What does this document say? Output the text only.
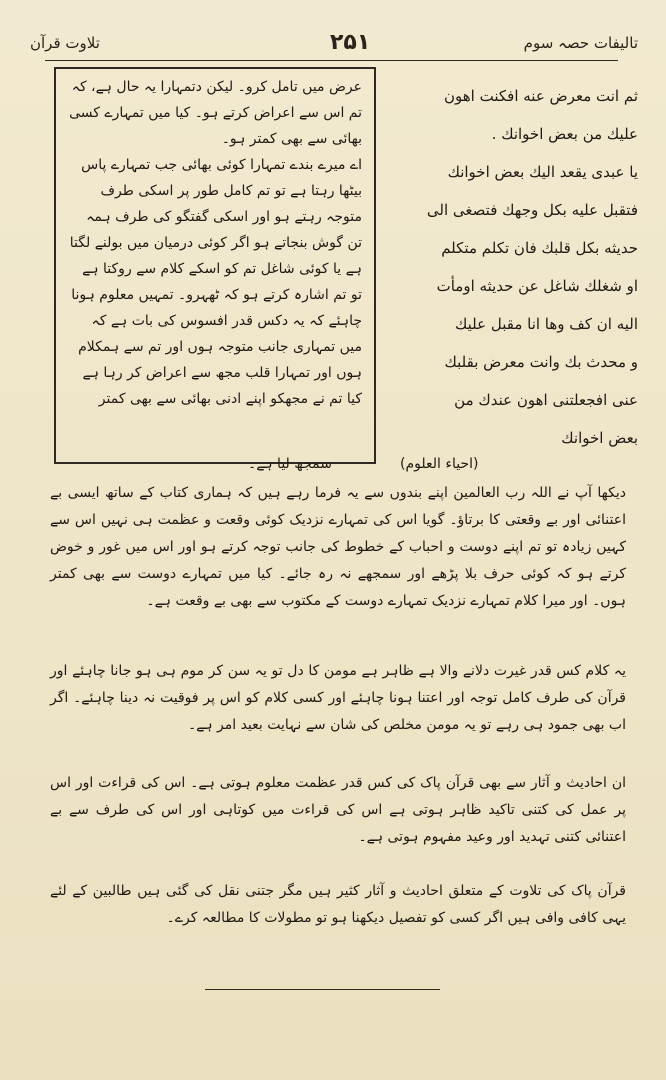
تالیفات حصہ سوم
۲۵۱
تلاوت قرآن
عرض میں تامل کرو۔ لیکن دتمہارا یہ حال ہے، کہ تم اس سے اعراض کرتے ہو۔ کیا میں تمہارے کسی بھائی سے بھی کمتر ہو۔
اے میرے بندے تمہارا کوئی بھائی جب تمہارے پاس بیٹھا رہتا ہے تو تم کامل طور پر اسکی طرف متوجہ رہتے ہو اور اسکی گفتگو کی طرف ہمہ تن گوش بنجاتے ہو اگر کوئی درمیان میں بولنے لگتا ہے یا کوئی شاغل تم کو اسکے کلام سے روکتا ہے تو تم اشارہ کرتے ہو کہ ٹھہرو۔ تمہیں معلوم ہونا چاہئے کہ یہ دکس قدر افسوس کی بات ہے کہ میں تمہاری جانب متوجہ ہوں اور تم سے ہمکلام ہوں اور تمہارا قلب مجھ سے اعراض کر رہا ہے کیا تم نے مجھکو اپنے ادنی بھائی سے بھی کمتر
سمجھ لیا ہے۔
ثم انت معرض عنه افكنت اهون
عليك من بعض اخوانك .
يا عبدى يقعد اليك بعض اخوانك
فتقبل عليه بكل وجهك فتصغى الى
حديثه بكل قلبك فان تكلم متكلم
او شغلك شاغل عن حديثه اومأت
اليه ان كف وها انا مقبل عليك
و محدث بك وانت معرض بقلبك
عنى افجعلتنى اهون عندك من
بعض اخوانك
(احیاء العلوم)
دیکھا آپ نے اللہ رب العالمین اپنے بندوں سے یہ فرما رہے ہیں کہ ہماری کتاب کے ساتھ ایسی بے اعتنائی اور بے وقعتی کا برتاؤ۔ گویا اس کی تمہارے نزدیک کوئی وقعت و عظمت ہی نہیں اس سے کہیں زیادہ تو تم اپنے دوست و احباب کے خطوط کی جانب توجہ کرتے ہو اور اس میں غور و خوض کرتے ہو کہ کوئی حرف بلا پڑھے اور سمجھے نہ رہ جائے۔ کیا میں تمہارے دوست سے بھی کمتر ہوں۔ اور میرا کلام تمہارے نزدیک تمہارے دوست کے مکتوب سے بھی بے وقعت ہے۔
یہ کلام کس قدر غیرت دلانے والا ہے ظاہر ہے مومن کا دل تو یہ سن کر موم ہی ہو جانا چاہئے اور قرآن کی طرف کامل توجہ اور اعتنا ہونا چاہئے اور کسی کلام کو اس پر فوقیت نہ دینا چاہئے۔ اگر اب بھی جمود ہی رہے تو یہ مومن مخلص کی شان سے نہایت بعید امر ہے۔
ان احادیث و آثار سے بھی قرآن پاک کی کس قدر عظمت معلوم ہوتی ہے۔ اس کی قراءت اور اس پر عمل کی کتنی تاکید ظاہر ہوتی ہے اس کی قراءت میں کوتاہی اور اس کی طرف سے بے اعتنائی کتنی تہدید اور وعید مفہوم ہوتی ہے۔
قرآن پاک کی تلاوت کے متعلق احادیث و آثار کثیر ہیں مگر جتنی نقل کی گئی ہیں طالبین کے لئے یہی کافی وافی ہیں اگر کسی کو تفصیل دیکھنا ہو تو مطولات کا مطالعہ کرے۔
